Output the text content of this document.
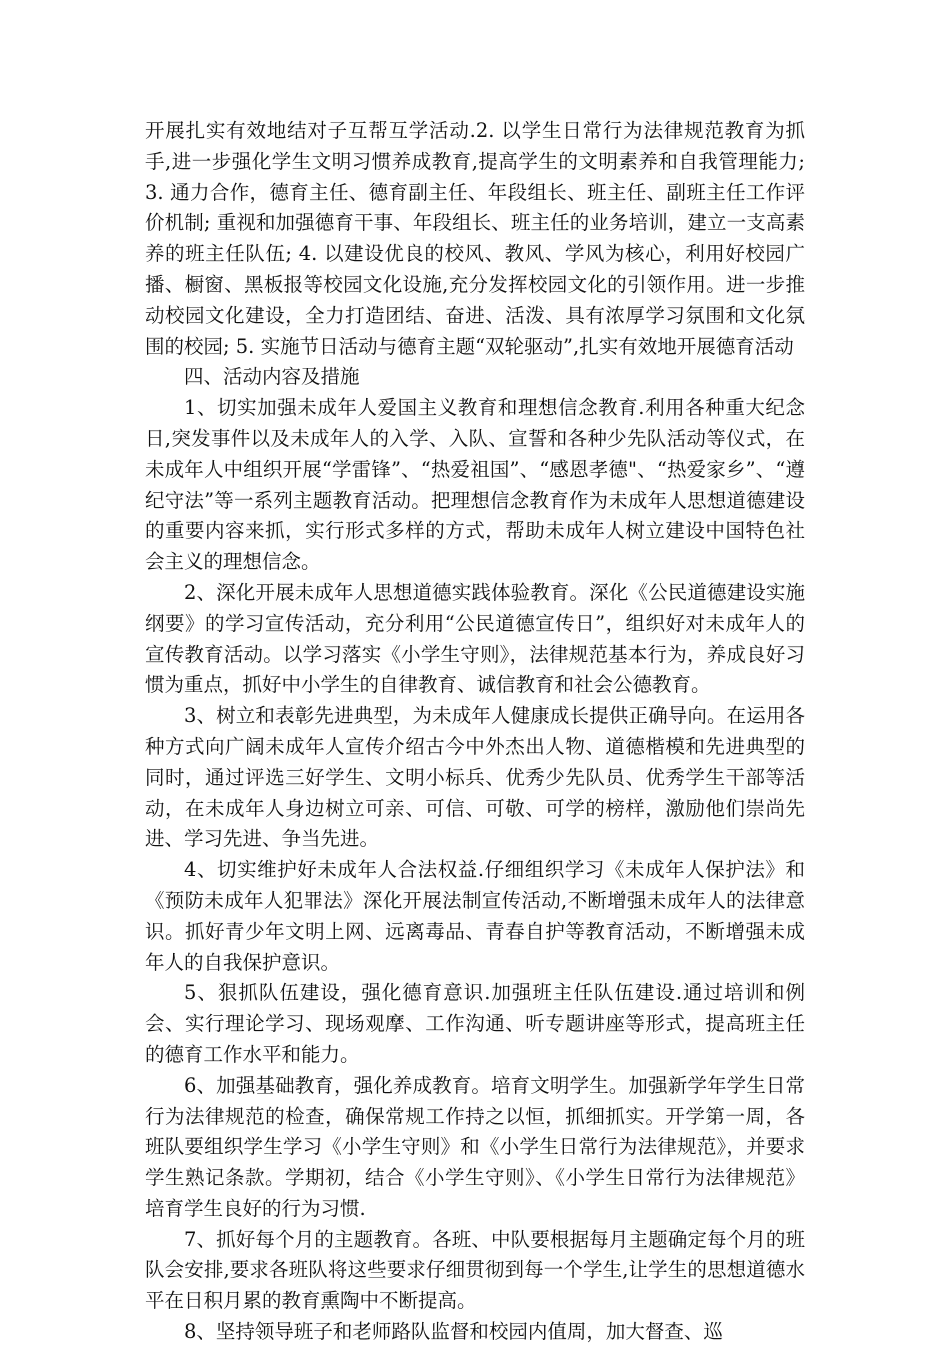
开展扎实有效地结对子互帮互学活动.2. 以学生日常行为法律规范教育为抓手,进一步强化学生文明习惯养成教育,提高学生的文明素养和自我管理能力; 3. 通力合作，德育主任、德育副主任、年段组长、班主任、副班主任工作评价机制; 重视和加强德育干事、年段组长、班主任的业务培训，建立一支高素养的班主任队伍; 4. 以建设优良的校风、教风、学风为核心，利用好校园广播、橱窗、黑板报等校园文化设施,充分发挥校园文化的引领作用。进一步推动校园文化建设，全力打造团结、奋进、活泼、具有浓厚学习氛围和文化氛围的校园; 5. 实施节日活动与德育主题“双轮驱动”,扎实有效地开展德育活动

四、活动内容及措施

1、切实加强未成年人爱国主义教育和理想信念教育.利用各种重大纪念日,突发事件以及未成年人的入学、入队、宣誓和各种少先队活动等仪式，在未成年人中组织开展“学雷锋”、“热爱祖国”、“感恩孝德"、“热爱家乡”、“遵纪守法”等一系列主题教育活动。把理想信念教育作为未成年人思想道德建设的重要内容来抓，实行形式多样的方式，帮助未成年人树立建设中国特色社会主义的理想信念。

2、深化开展未成年人思想道德实践体验教育。深化《公民道德建设实施纲要》的学习宣传活动，充分利用“公民道德宣传日”，组织好对未成年人的宣传教育活动。以学习落实《小学生守则》，法律规范基本行为，养成良好习惯为重点，抓好中小学生的自律教育、诚信教育和社会公德教育。

3、树立和表彰先进典型，为未成年人健康成长提供正确导向。在运用各种方式向广阔未成年人宣传介绍古今中外杰出人物、道德楷模和先进典型的同时，通过评选三好学生、文明小标兵、优秀少先队员、优秀学生干部等活动，在未成年人身边树立可亲、可信、可敬、可学的榜样，激励他们崇尚先进、学习先进、争当先进。

4、切实维护好未成年人合法权益.仔细组织学习《未成年人保护法》和《预防未成年人犯罪法》深化开展法制宣传活动,不断增强未成年人的法律意识。抓好青少年文明上网、远离毒品、青春自护等教育活动，不断增强未成年人的自我保护意识。

5、狠抓队伍建设，强化德育意识.加强班主任队伍建设.通过培训和例会、实行理论学习、现场观摩、工作沟通、听专题讲座等形式，提高班主任的德育工作水平和能力。

6、加强基础教育，强化养成教育。培育文明学生。加强新学年学生日常行为法律规范的检查，确保常规工作持之以恒，抓细抓实。开学第一周，各班队要组织学生学习《小学生守则》和《小学生日常行为法律规范》，并要求学生熟记条款。学期初，结合《小学生守则》、《小学生日常行为法律规范》培育学生良好的行为习惯.

7、抓好每个月的主题教育。各班、中队要根据每月主题确定每个月的班队会安排,要求各班队将这些要求仔细贯彻到每一个学生,让学生的思想道德水平在日积月累的教育熏陶中不断提高。

8、坚持领导班子和老师路队监督和校园内值周，加大督查、巡
